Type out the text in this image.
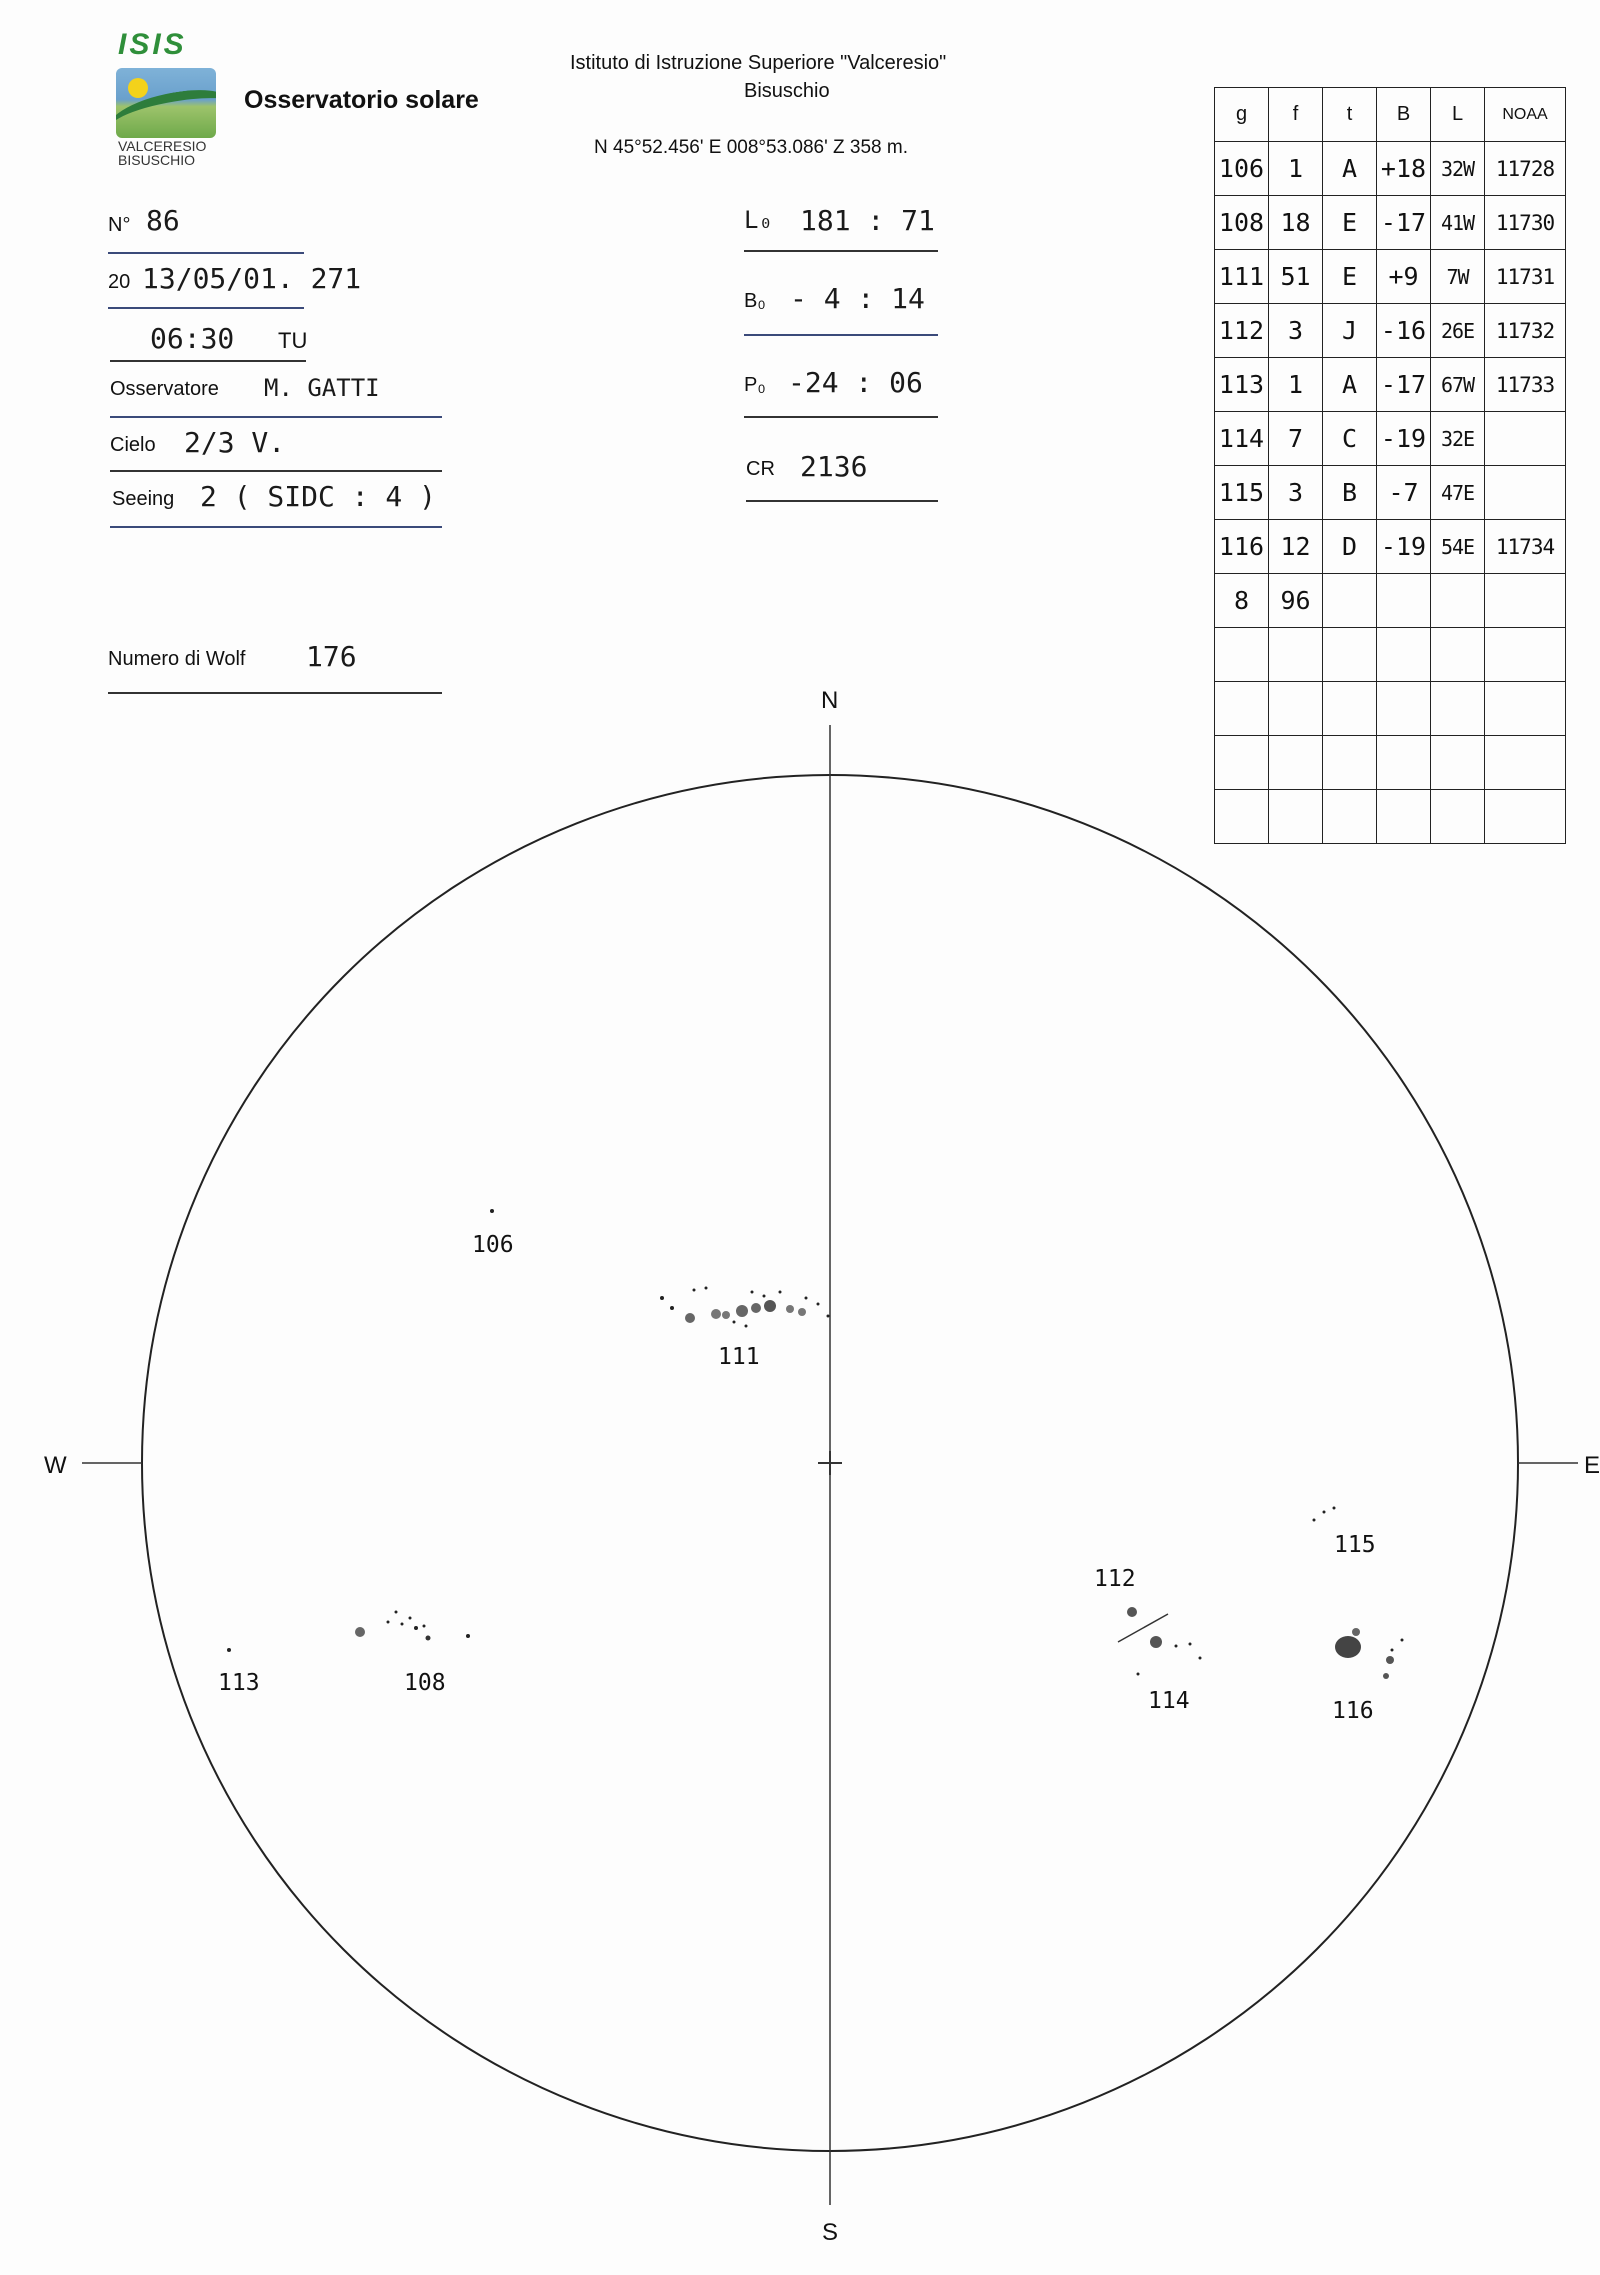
ISIS
VALCERESIO
BISUSCHIO
Osservatorio solare
Istituto di Istruzione Superiore "Valceresio"
Bisuschio
N 45°52.456' E 008°53.086' Z 358 m.
N° 86
20 13/05/01. 271
06:30 TU
Osservatore M. GATTI
Cielo 2/3 V.
Seeing 2 ( SIDC : 4 )
Numero di Wolf 176
L₀ 181 : 71
B₀ - 4 : 14
P₀ -24 : 06
CR 2136
g	f	t	B	L	NOAA
106	1	A	+18	32W	11728
108	18	E	-17	41W	11730
111	51	E	+9	7W	11731
112	3	J	-16	26E	11732
113	1	A	-17	67W	11733
114	7	C	-19	32E	
115	3	B	-7	47E	
116	12	D	-19	54E	11734
8	96				

N
S
W	E
106
111
113	108
112
114
115
116
